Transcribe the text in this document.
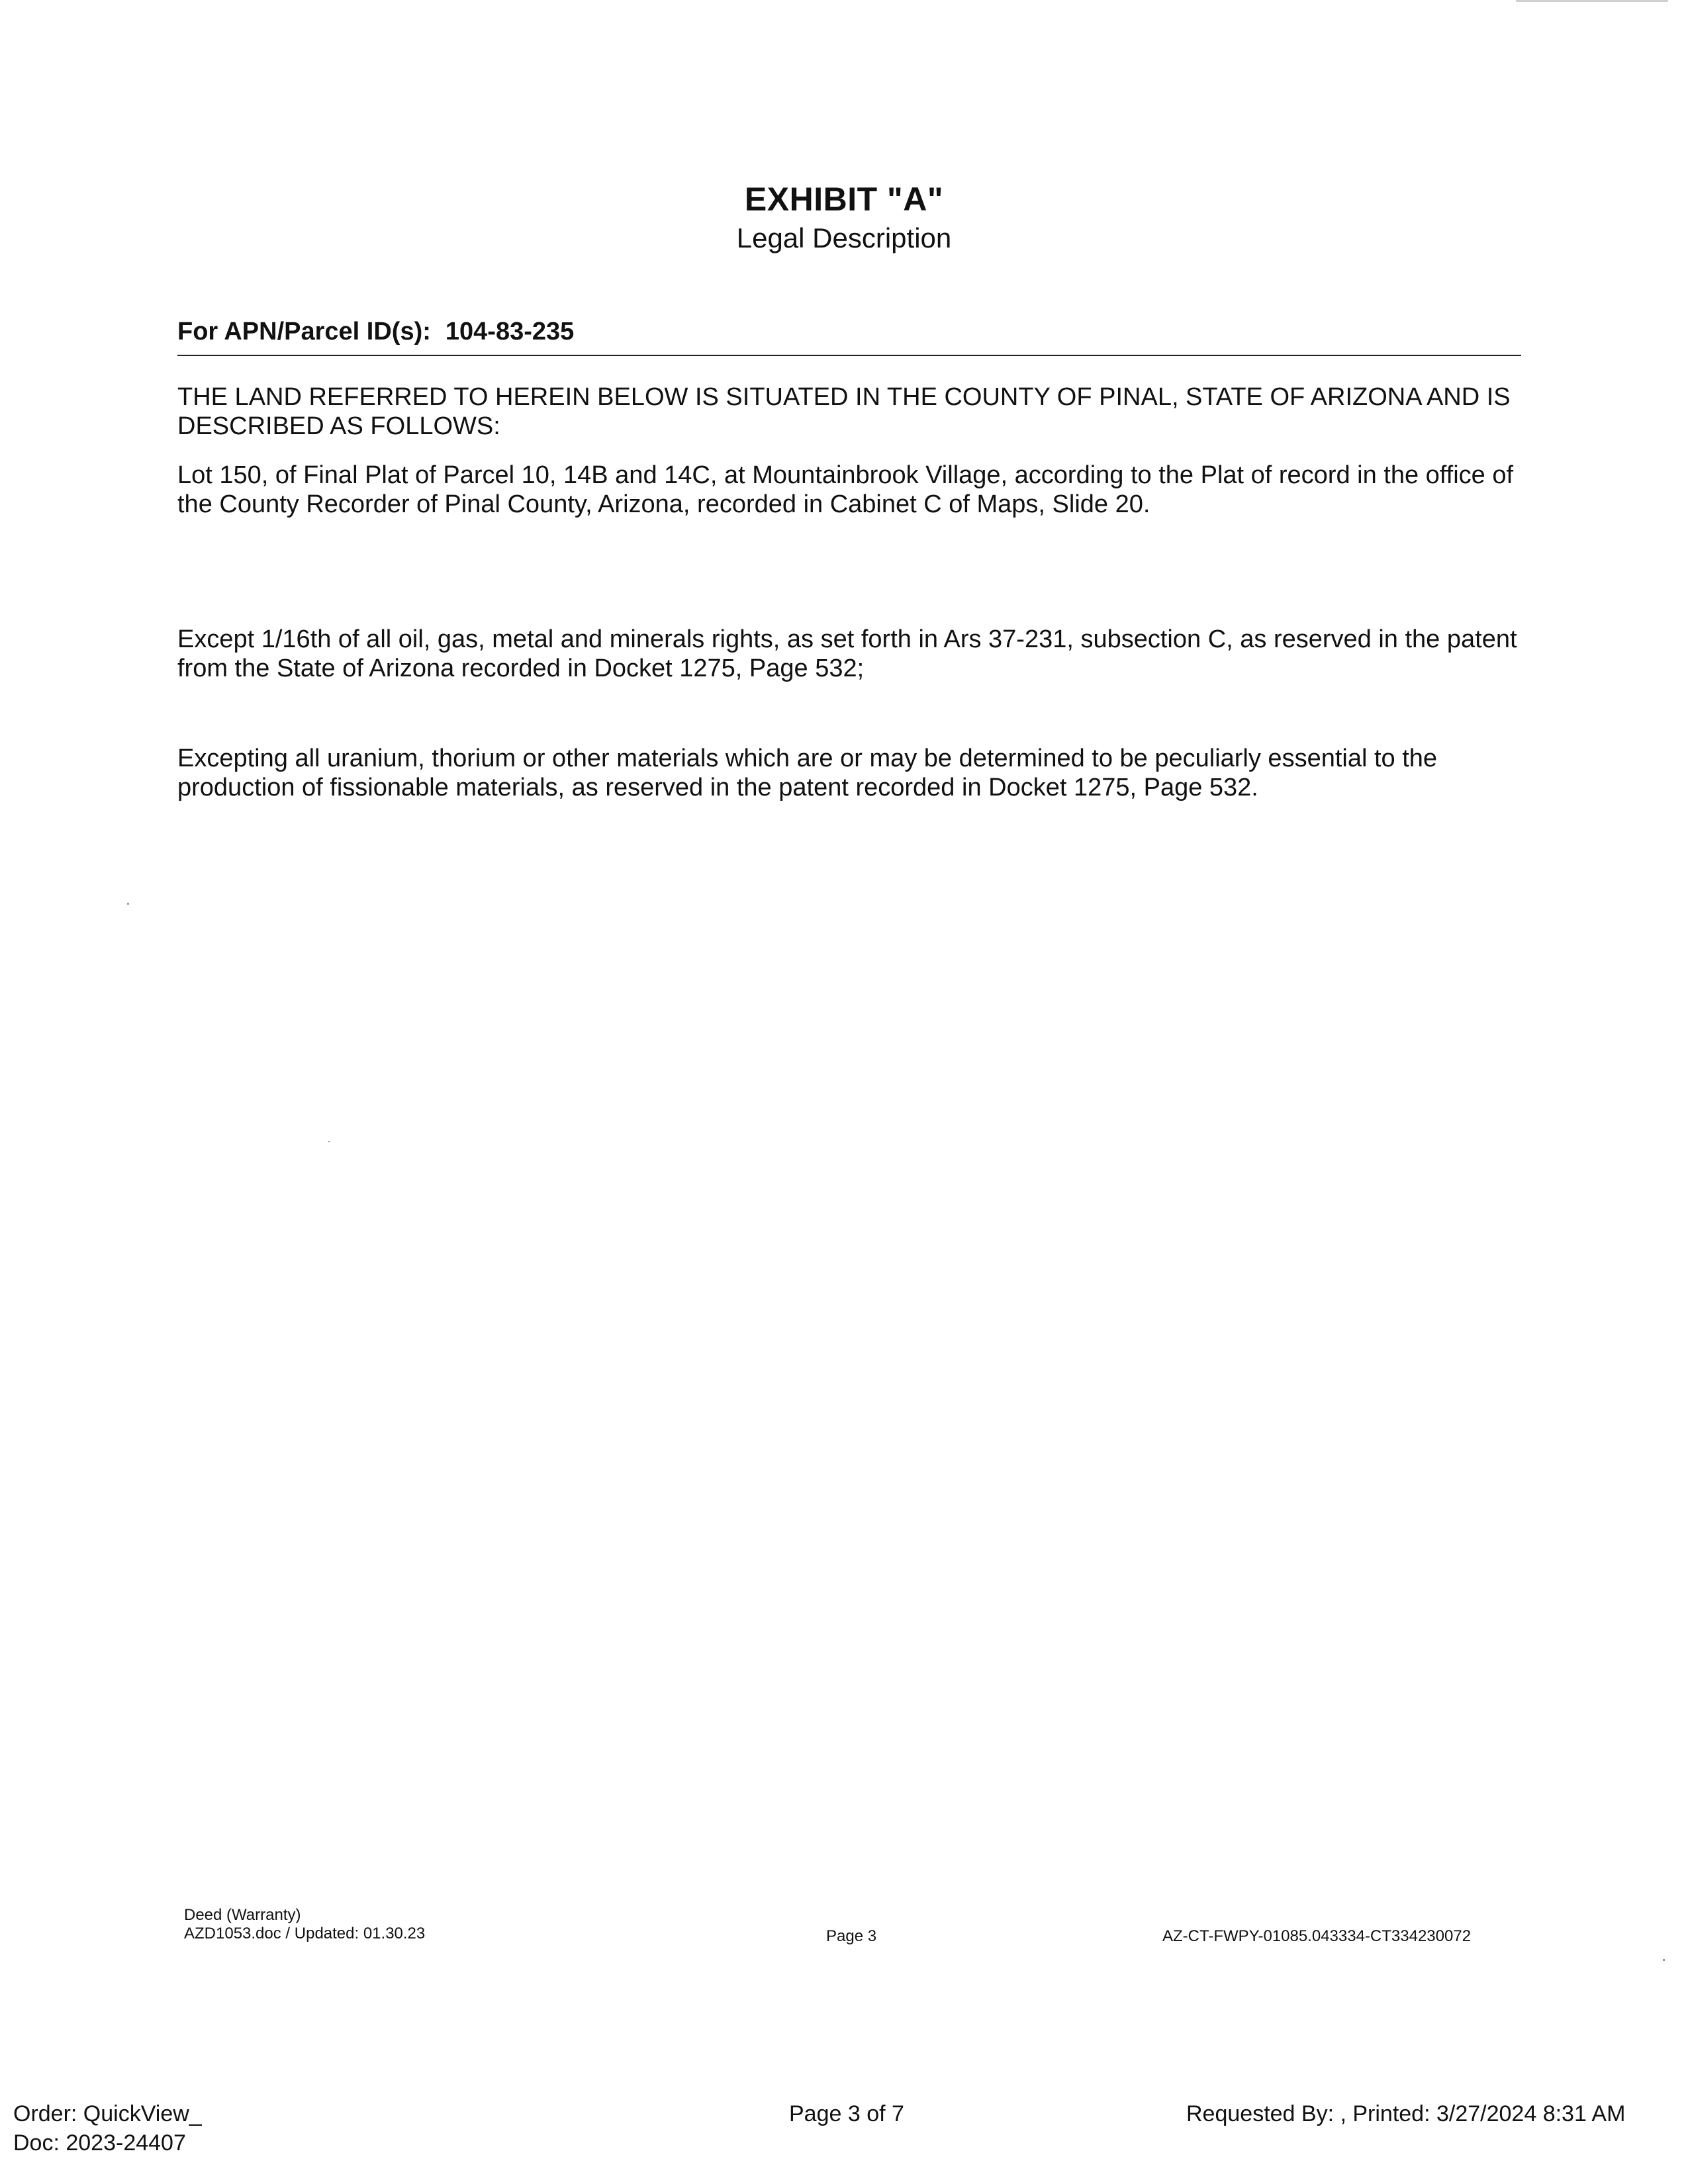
EXHIBIT "A"
Legal Description
For APN/Parcel ID(s): 104-83-235
THE LAND REFERRED TO HEREIN BELOW IS SITUATED IN THE COUNTY OF PINAL, STATE OF ARIZONA AND IS DESCRIBED AS FOLLOWS:
Lot 150, of Final Plat of Parcel 10, 14B and 14C, at Mountainbrook Village, according to the Plat of record in the office of the County Recorder of Pinal County, Arizona, recorded in Cabinet C of Maps, Slide 20.
Except 1/16th of all oil, gas, metal and minerals rights, as set forth in Ars 37-231, subsection C, as reserved in the patent from the State of Arizona recorded in Docket 1275, Page 532;
Excepting all uranium, thorium or other materials which are or may be determined to be peculiarly essential to the production of fissionable materials, as reserved in the patent recorded in Docket 1275, Page 532.
Deed (Warranty)
AZD1053.doc / Updated: 01.30.23	Page 3	AZ-CT-FWPY-01085.043334-CT334230072
Order: QuickView_
Doc: 2023-24407
Page 3 of 7	Requested By: , Printed: 3/27/2024 8:31 AM
